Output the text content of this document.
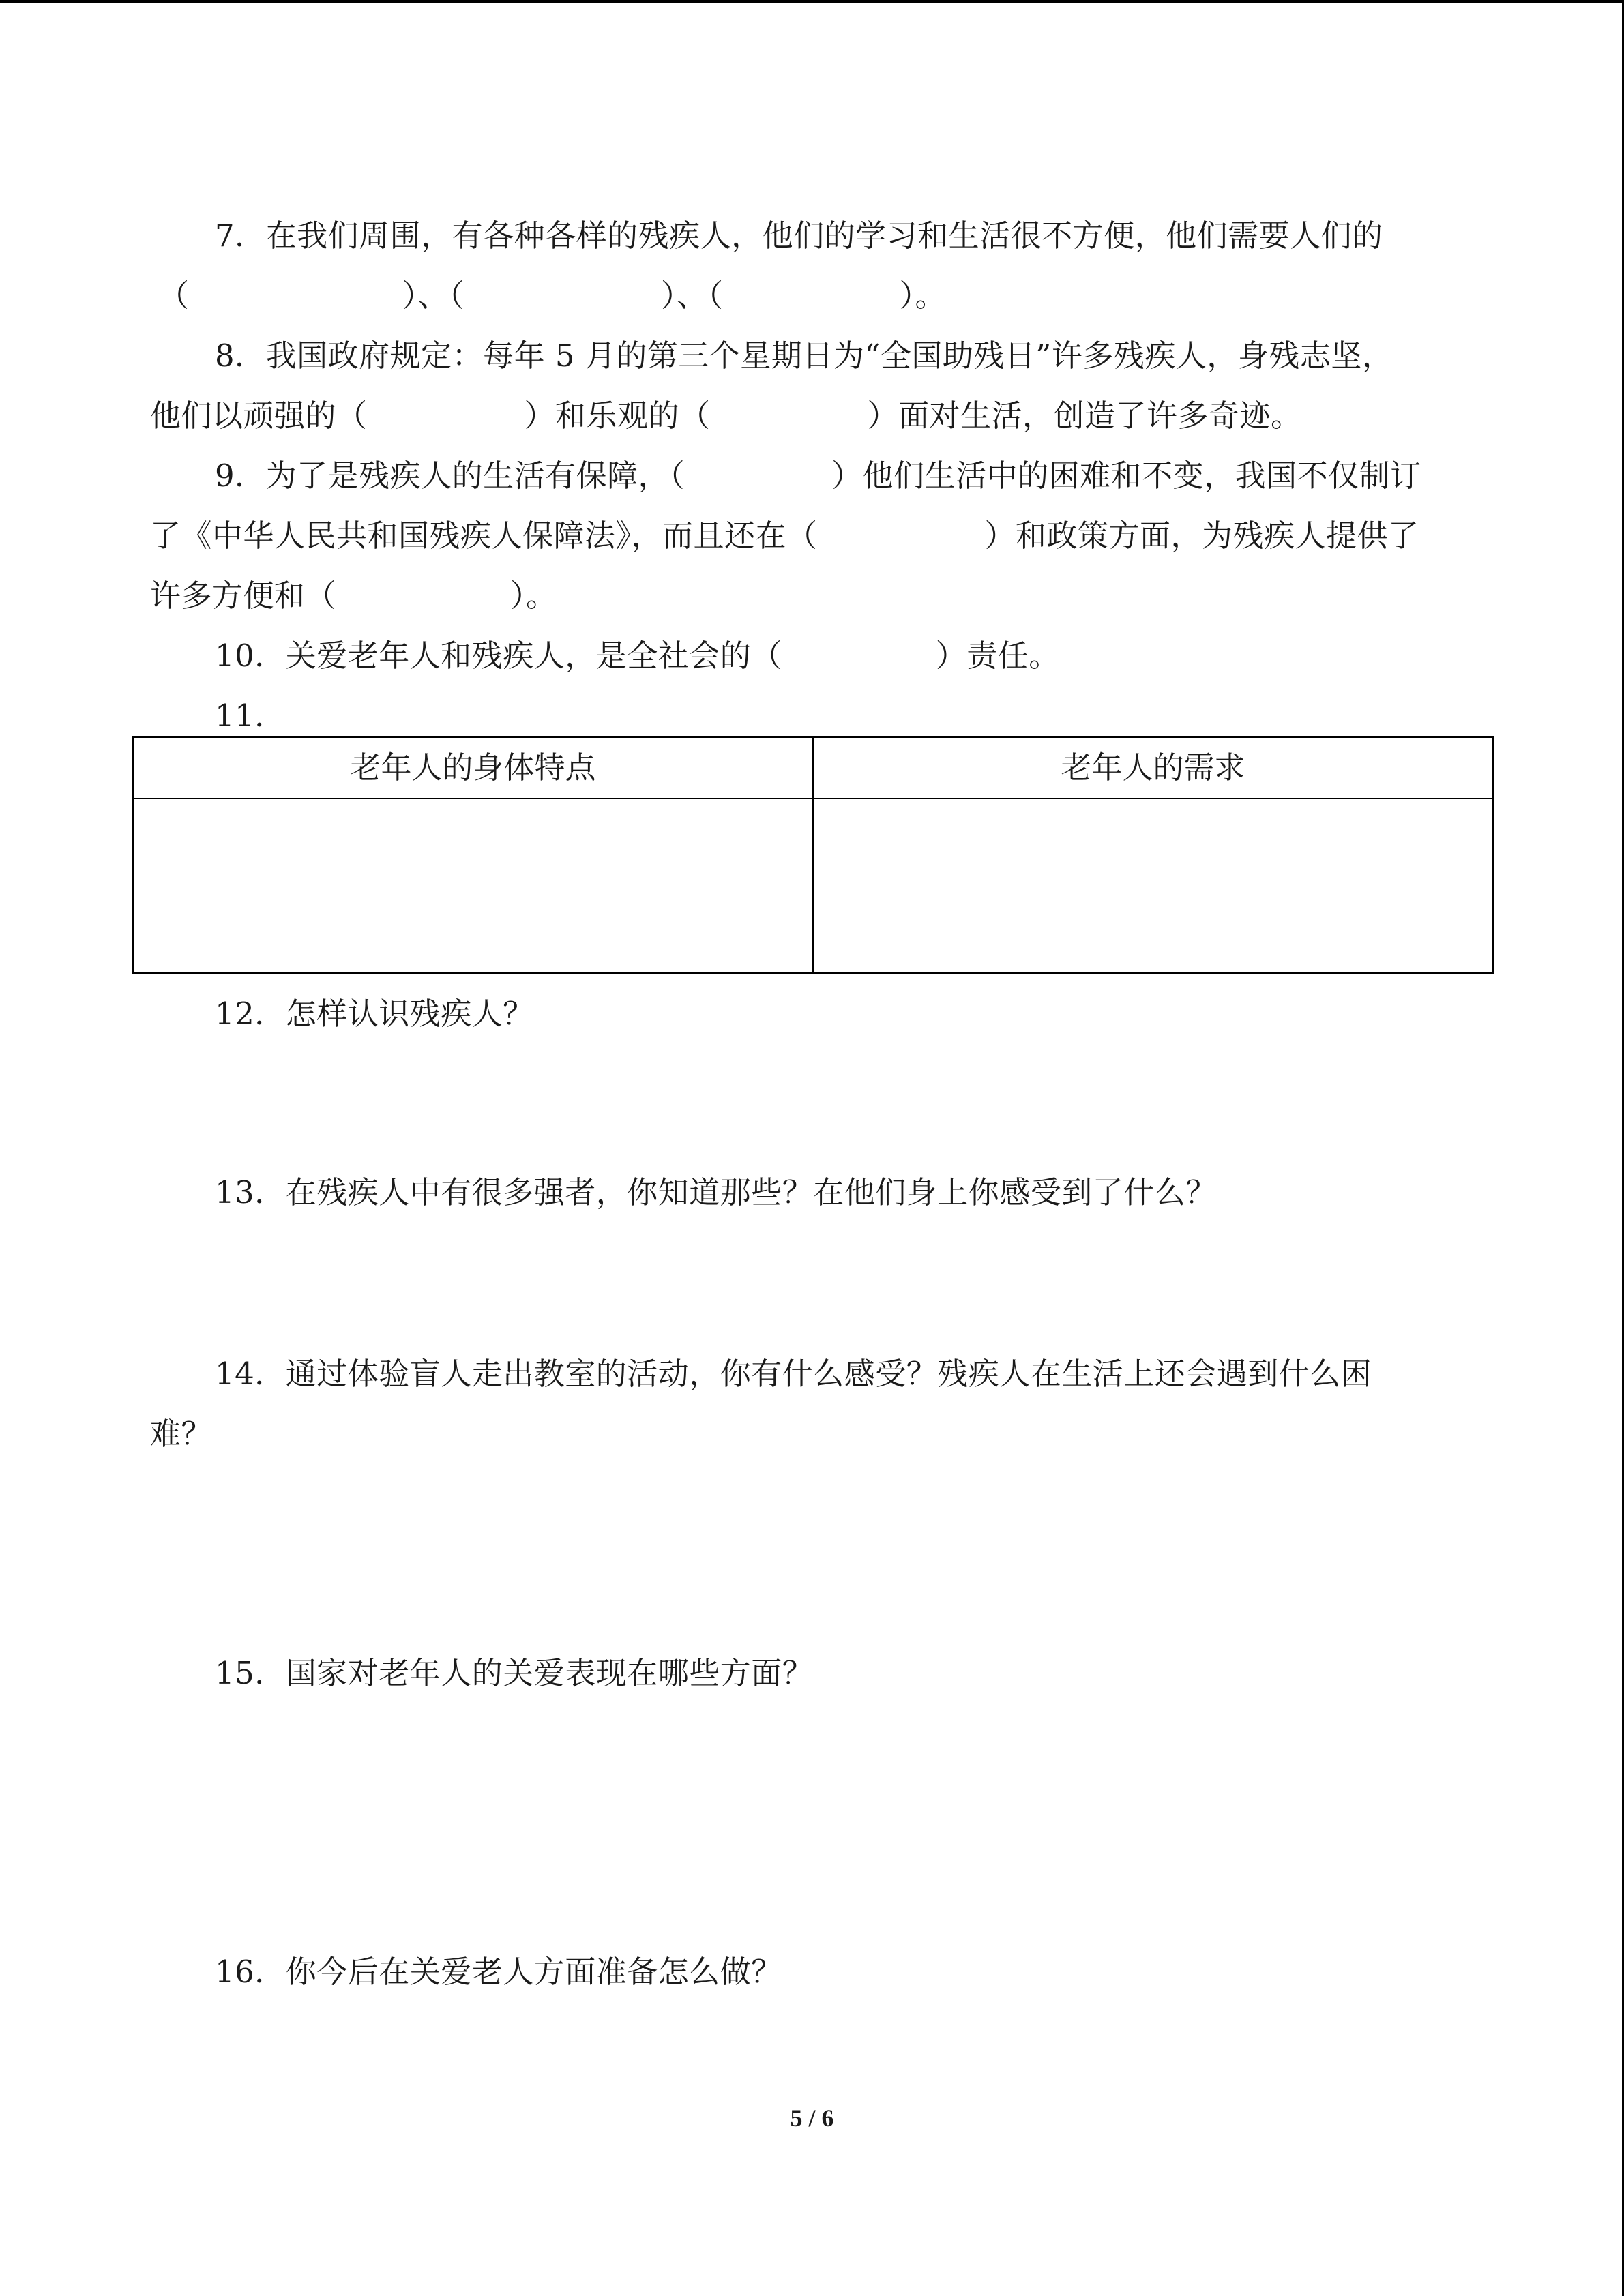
7．在我们周围，有各种各样的残疾人，他们的学习和生活很不方便，他们需要人们的
（	）、（	）、（	）。
8．我国政府规定：每年 5 月的第三个星期日为“全国助残日”许多残疾人，身残志坚，
他们以顽强的（	）和乐观的（	）面对生活，创造了许多奇迹。
9．为了是残疾人的生活有保障，（	）他们生活中的困难和不变，我国不仅制订
了《中华人民共和国残疾人保障法》，而且还在（	）和政策方面，为残疾人提供了
许多方便和（	）。
10．关爱老年人和残疾人，是全社会的（	）责任。
11．
老年人的身体特点	老年人的需求

12．怎样认识残疾人？
13．在残疾人中有很多强者，你知道那些？在他们身上你感受到了什么？
14．通过体验盲人走出教室的活动，你有什么感受？残疾人在生活上还会遇到什么困
难？
15．国家对老年人的关爱表现在哪些方面？
16．你今后在关爱老人方面准备怎么做？
5 / 6
